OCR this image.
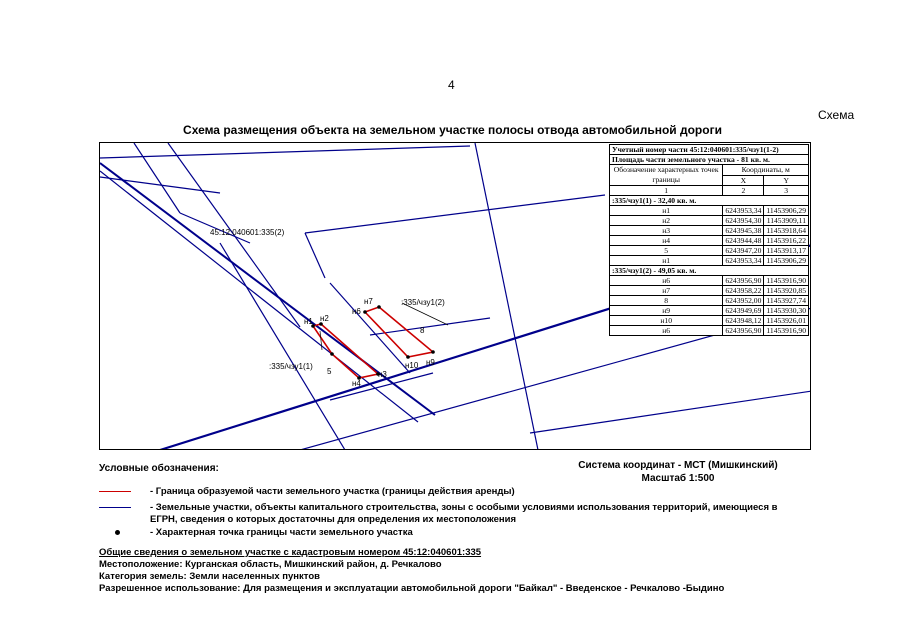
4
Схема
Схема размещения объекта на земельном участке полосы отвода автомобильной дороги
45:12:040601:335(2)
:335/чзу1(1)
:335/чзу1(2)
н1 н2
н3
н4
5
н6
н7
8
н9
н10
Учетный номер части 45:12:040601:335/чзу1(1-2)		
Площадь части земельного участка - 81 кв. м.		
Обозначение характерных точек границы	Координаты, м	
	X	Y
1	2	3
:335/чзу1(1) - 32,40 кв. м.		
н1	6243953,34	11453906,29
н2	6243954,30	11453909,11
н3	6243945,38	11453918,64
н4	6243944,48	11453916,22
5	6243947,20	11453913,17
н1	6243953,34	11453906,29
:335/чзу1(2) - 49,05 кв. м.		
н6	6243956,90	11453916,90
н7	6243958,22	11453920,85
8	6243952,00	11453927,74
н9	6243949,69	11453930,30
н10	6243948,12	11453926,01
н6	6243956,90	11453916,90
Условные обозначения:	Система координат - МСТ (Мишкинский)
Масштаб 1:500
- Граница образуемой части земельного участка (границы действия аренды)
- Земельные участки, объекты капитального строительства, зоны с особыми условиями использования территорий, имеющиеся в ЕГРН, сведения о которых достаточны для определения их местоположения
- Характерная точка границы части земельного участка
Общие сведения о земельном участке с кадастровым номером 45:12:040601:335
Местоположение: Курганская область, Мишкинский район, д. Речкалово
Категория земель: Земли населенных пунктов
Разрешенное использование: Для размещения и эксплуатации автомобильной дороги "Байкал" - Введенское - Речкалово -Быдино
